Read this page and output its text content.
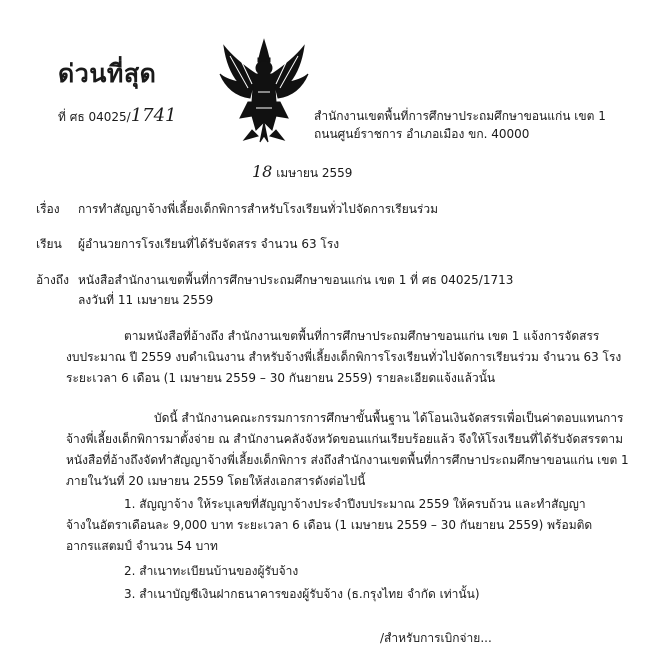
ด่วนที่สุด
ที่ ศธ 04025/1741	สำนักงานเขตพื้นที่การศึกษาประถมศึกษาขอนแก่น เขต 1
ถนนศูนย์ราชการ อำเภอเมือง ขก. 40000
18 เมษายน 2559
เรื่อง การทำสัญญาจ้างพี่เลี้ยงเด็กพิการสำหรับโรงเรียนทั่วไปจัดการเรียนร่วม
เรียน ผู้อำนวยการโรงเรียนที่ได้รับจัดสรร จำนวน 63 โรง
อ้างถึง หนังสือสำนักงานเขตพื้นที่การศึกษาประถมศึกษาขอนแก่น เขต 1 ที่ ศธ 04025/1713
ลงวันที่ 11 เมษายน 2559
ตามหนังสือที่อ้างถึง สำนักงานเขตพื้นที่การศึกษาประถมศึกษาขอนแก่น เขต 1 แจ้งการจัดสรร
งบประมาณ ปี 2559 งบดำเนินงาน สำหรับจ้างพี่เลี้ยงเด็กพิการโรงเรียนทั่วไปจัดการเรียนร่วม จำนวน 63 โรง
ระยะเวลา 6 เดือน (1 เมษายน 2559 – 30 กันยายน 2559) รายละเอียดแจ้งแล้วนั้น
บัดนี้ สำนักงานคณะกรรมการการศึกษาขั้นพื้นฐาน ได้โอนเงินจัดสรรเพื่อเป็นค่าตอบแทนการ
จ้างพี่เลี้ยงเด็กพิการมาตั้งจ่าย ณ สำนักงานคลังจังหวัดขอนแก่นเรียบร้อยแล้ว จึงให้โรงเรียนที่ได้รับจัดสรรตาม
หนังสือที่อ้างถึงจัดทำสัญญาจ้างพี่เลี้ยงเด็กพิการ ส่งถึงสำนักงานเขตพื้นที่การศึกษาประถมศึกษาขอนแก่น เขต 1
ภายในวันที่ 20 เมษายน 2559 โดยให้ส่งเอกสารดังต่อไปนี้
1. สัญญาจ้าง ให้ระบุเลขที่สัญญาจ้างประจำปีงบประมาณ 2559 ให้ครบถ้วน และทำสัญญา
จ้างในอัตราเดือนละ 9,000 บาท ระยะเวลา 6 เดือน (1 เมษายน 2559 – 30 กันยายน 2559) พร้อมติด
อากรแสตมป์ จำนวน 54 บาท
2. สำเนาทะเบียนบ้านของผู้รับจ้าง
3. สำเนาบัญชีเงินฝากธนาคารของผู้รับจ้าง (ธ.กรุงไทย จำกัด เท่านั้น)
/สำหรับการเบิกจ่าย...
